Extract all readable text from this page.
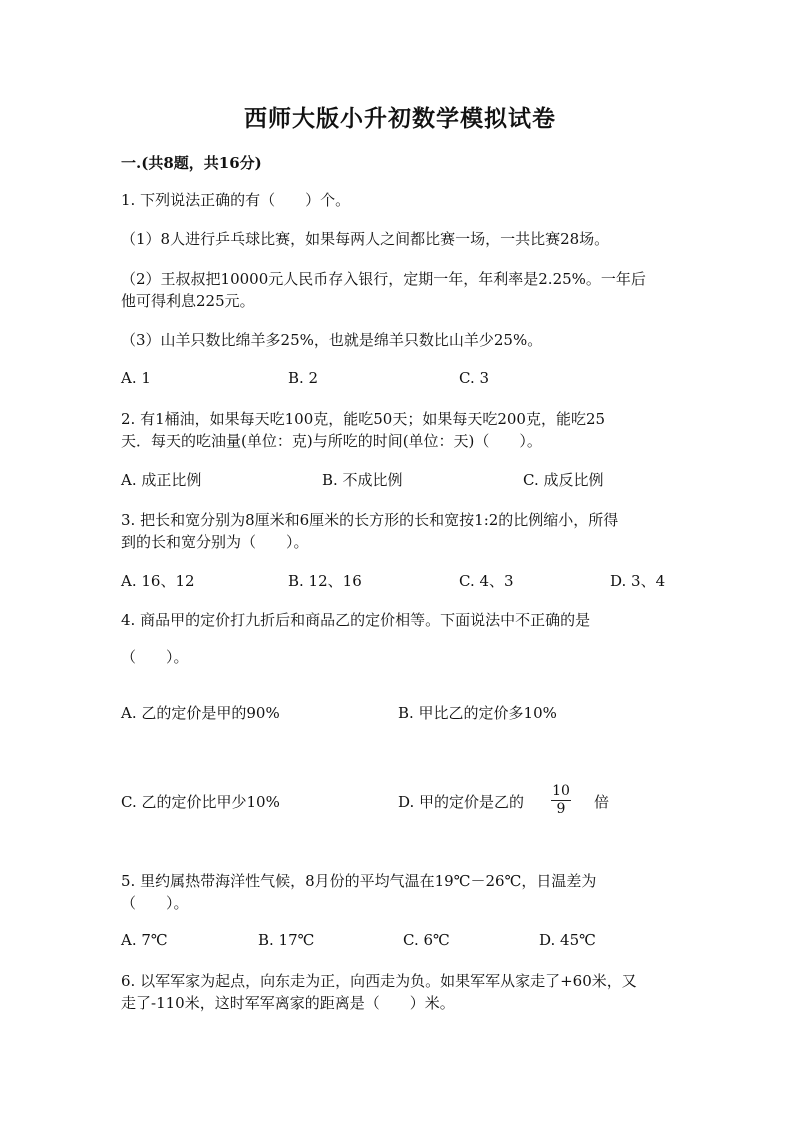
西师大版小升初数学模拟试卷
一.(共8题，共16分)
1. 下列说法正确的有（　　）个。
（1）8人进行乒乓球比赛，如果每两人之间都比赛一场，一共比赛28场。
（2）王叔叔把10000元人民币存入银行，定期一年，年利率是2.25%。一年后
他可得利息225元。
（3）山羊只数比绵羊多25%，也就是绵羊只数比山羊少25%。
A. 1	B. 2	C. 3
2. 有1桶油，如果每天吃100克，能吃50天；如果每天吃200克，能吃25
天．每天的吃油量(单位：克)与所吃的时间(单位：天)（　　）。
A. 成正比例	B. 不成比例	C. 成反比例
3. 把长和宽分别为8厘米和6厘米的长方形的长和宽按1:2的比例缩小，所得
到的长和宽分别为（　　）。
A. 16、12	B. 12、16	C. 4、3	D. 3、4
4. 商品甲的定价打九折后和商品乙的定价相等。下面说法中不正确的是
（　　）。
A. 乙的定价是甲的90%	B. 甲比乙的定价多10%
C. 乙的定价比甲少10%	D. 甲的定价是乙的
10
9 倍
5. 里约属热带海洋性气候，8月份的平均气温在19℃－26℃，日温差为
（　　）。
A. 7℃	B. 17℃	C. 6℃	D. 45℃
6. 以军军家为起点，向东走为正，向西走为负。如果军军从家走了+60米，又
走了-110米，这时军军离家的距离是（　　）米。
